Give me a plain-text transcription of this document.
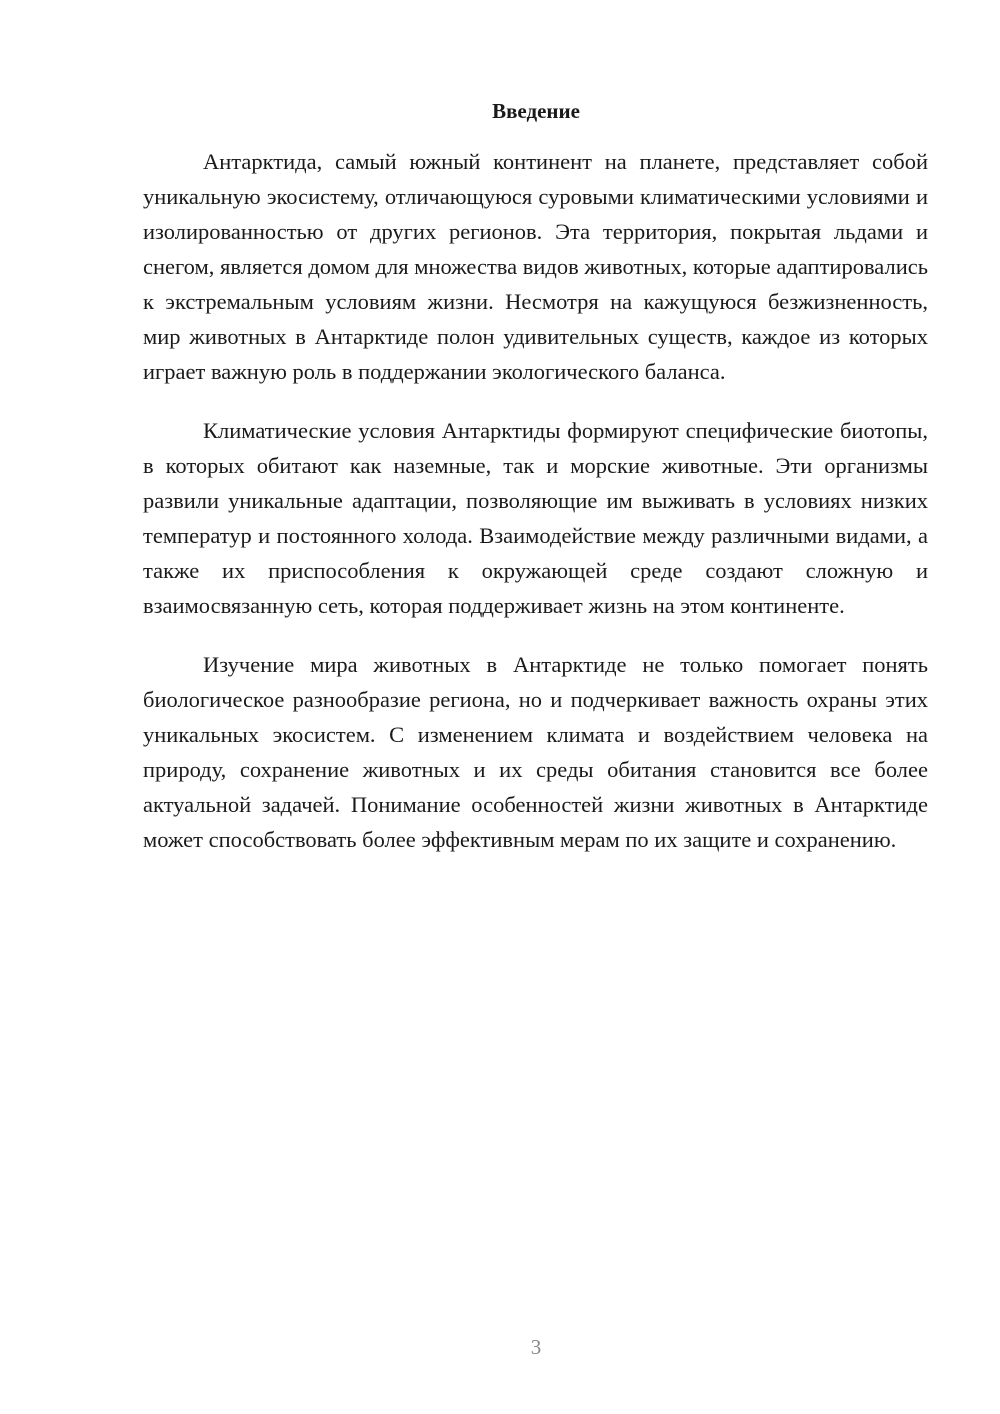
Введение

Антарктида, самый южный континент на планете, представляет собой уникальную экосистему, отличающуюся суровыми климатическими условиями и изолированностью от других регионов. Эта территория, покрытая льдами и снегом, является домом для множества видов животных, которые адаптировались к экстремальным условиям жизни. Несмотря на кажущуюся безжизненность, мир животных в Антарктиде полон удивительных существ, каждое из которых играет важную роль в поддержании экологического баланса.

Климатические условия Антарктиды формируют специфические биотопы, в которых обитают как наземные, так и морские животные. Эти организмы развили уникальные адаптации, позволяющие им выживать в условиях низких температур и постоянного холода. Взаимодействие между различными видами, а также их приспособления к окружающей среде создают сложную и взаимосвязанную сеть, которая поддерживает жизнь на этом континенте.

Изучение мира животных в Антарктиде не только помогает понять биологическое разнообразие региона, но и подчеркивает важность охраны этих уникальных экосистем. С изменением климата и воздействием человека на природу, сохранение животных и их среды обитания становится все более актуальной задачей. Понимание особенностей жизни животных в Антарктиде может способствовать более эффективным мерам по их защите и сохранению.

3
